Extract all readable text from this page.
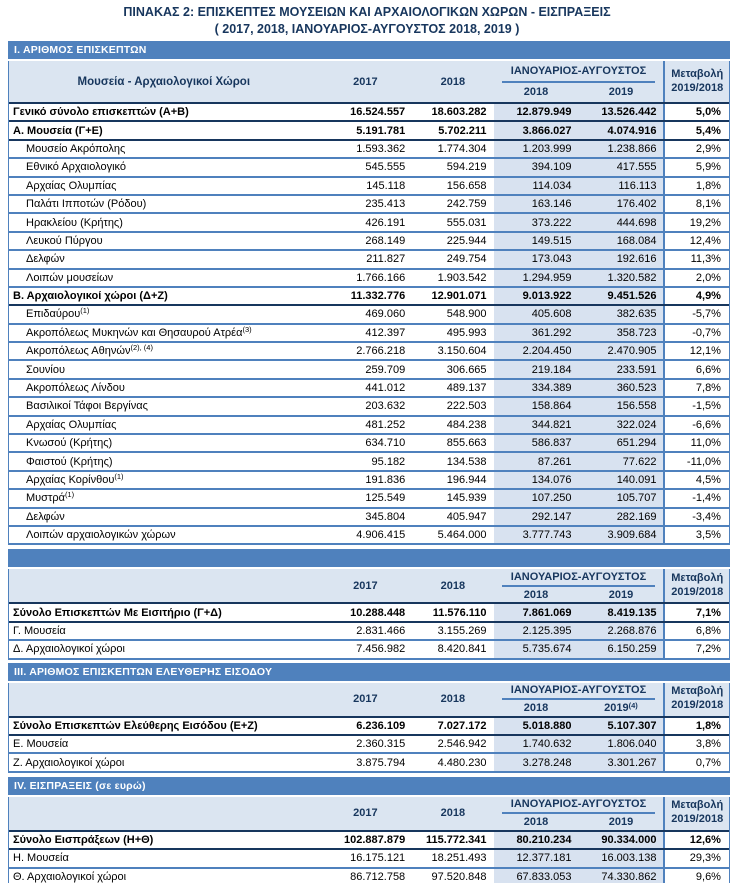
ΠΙΝΑΚΑΣ 2: ΕΠΙΣΚΕΠΤΕΣ ΜΟΥΣΕΙΩΝ ΚΑΙ ΑΡΧΑΙΟΛΟΓΙΚΩΝ ΧΩΡΩΝ - ΕΙΣΠΡΑΞΕΙΣ
( 2017, 2018, ΙΑΝΟΥΑΡΙΟΣ-ΑΥΓΟΥΣΤΟΣ 2018, 2019 )
Ι. ΑΡΙΘΜΟΣ ΕΠΙΣΚΕΠΤΩΝ
Μουσεία - Αρχαιολογικοί Χώροι	2017	2018
ΙΑΝΟΥΑΡΙΟΣ-ΑΥΓΟΥΣΤΟΣ
2018	2019
Μεταβολή
2019/2018
Γενικό σύνολο επισκεπτών (Α+Β)	16.524.557	18.603.282	12.879.949	13.526.442	5,0%
Α. Μουσεία (Γ+Ε)	5.191.781	5.702.211	3.866.027	4.074.916	5,4%
Μουσείο Ακρόπολης	1.593.362	1.774.304	1.203.999	1.238.866	2,9%
Εθνικό Αρχαιολογικό	545.555	594.219	394.109	417.555	5,9%
Αρχαίας Ολυμπίας	145.118	156.658	114.034	116.113	1,8%
Παλάτι Ιπποτών (Ρόδου)	235.413	242.759	163.146	176.402	8,1%
Ηρακλείου (Κρήτης)	426.191	555.031	373.222	444.698	19,2%
Λευκού Πύργου	268.149	225.944	149.515	168.084	12,4%
Δελφών	211.827	249.754	173.043	192.616	11,3%
Λοιπών μουσείων	1.766.166	1.903.542	1.294.959	1.320.582	2,0%
Β. Αρχαιολογικοί χώροι (Δ+Ζ)	11.332.776	12.901.071	9.013.922	9.451.526	4,9%
Επιδαύρου $^{(1)}$	469.060	548.900	405.608	382.635	-5,7%
Ακροπόλεως Μυκηνών και Θησαυρού Ατρέα$^{(3)}$	412.397	495.993	361.292	358.723	-0,7%
Ακροπόλεως Αθηνών$^{(2), (4)}$	2.766.218	3.150.604	2.204.450	2.470.905	12,1%
Σουνίου	259.709	306.665	219.184	233.591	6,6%
Ακροπόλεως Λίνδου	441.012	489.137	334.389	360.523	7,8%
Βασιλικοί Τάφοι Βεργίνας	203.632	222.503	158.864	156.558	-1,5%
Αρχαίας Ολυμπίας	481.252	484.238	344.821	322.024	-6,6%
Κνωσού (Κρήτης)	634.710	855.663	586.837	651.294	11,0%
Φαιστού (Κρήτης)	95.182	134.538	87.261	77.622	-11,0%
Αρχαίας Κορίνθου $^{(1)}$	191.836	196.944	134.076	140.091	4,5%
Μυστρά $^{(1)}$	125.549	145.939	107.250	105.707	-1,4%
Δελφών	345.804	405.947	292.147	282.169	-3,4%
Λοιπών αρχαιολογικών χώρων	4.906.415	5.464.000	3.777.743	3.909.684	3,5%
2017	2018
ΙΑΝΟΥΑΡΙΟΣ-ΑΥΓΟΥΣΤΟΣ
2018	2019
Μεταβολή
2019/2018
Σύνολο Επισκεπτών Με Εισιτήριο (Γ+Δ)	10.288.448	11.576.110	7.861.069	8.419.135	7,1%
Γ. Μουσεία	2.831.466	3.155.269	2.125.395	2.268.876	6,8%
Δ. Αρχαιολογικοί χώροι	7.456.982	8.420.841	5.735.674	6.150.259	7,2%
ΙΙΙ. ΑΡΙΘΜΟΣ ΕΠΙΣΚΕΠΤΩΝ ΕΛΕΥΘΕΡΗΣ ΕΙΣΟΔΟΥ
2017	2018
ΙΑΝΟΥΑΡΙΟΣ-ΑΥΓΟΥΣΤΟΣ
2018	2019$^{(4)}$
Μεταβολή
2019/2018
Σύνολο Επισκεπτών Ελεύθερης Εισόδου (Ε+Ζ)	6.236.109	7.027.172	5.018.880	5.107.307	1,8%
Ε. Μουσεία	2.360.315	2.546.942	1.740.632	1.806.040	3,8%
Ζ. Αρχαιολογικοί χώροι	3.875.794	4.480.230	3.278.248	3.301.267	0,7%
ΙV. ΕΙΣΠΡΑΞΕΙΣ (σε ευρώ)
2017	2018
ΙΑΝΟΥΑΡΙΟΣ-ΑΥΓΟΥΣΤΟΣ
2018	2019
Μεταβολή
2019/2018
Σύνολο Εισπράξεων (Η+Θ)	102.887.879	115.772.341	80.210.234	90.334.000	12,6%
Η. Μουσεία	16.175.121	18.251.493	12.377.181	16.003.138	29,3%
Θ. Αρχαιολογικοί χώροι	86.712.758	97.520.848	67.833.053	74.330.862	9,6%
